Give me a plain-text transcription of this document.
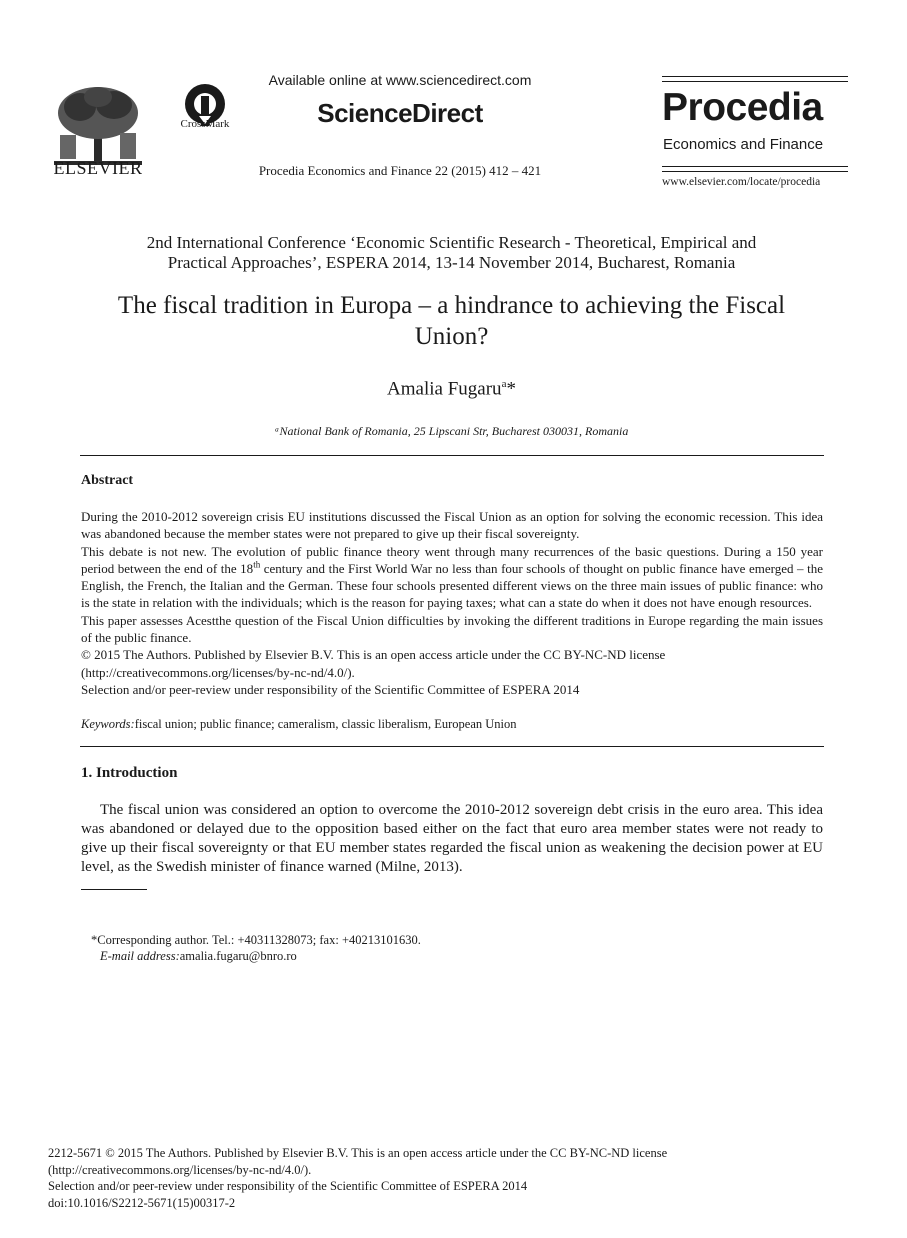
ELSEVIER
CrossMark
Available online at www.sciencedirect.com
ScienceDirect
Procedia Economics and Finance 22 (2015) 412 – 421
Procedia
Economics and Finance
www.elsevier.com/locate/procedia
2nd International Conference ‘Economic Scientific Research - Theoretical, Empirical and
Practical Approaches’, ESPERA 2014, 13-14 November 2014, Bucharest, Romania
The fiscal tradition in Europa – a hindrance to achieving the Fiscal
Union?
Amalia Fugaru$^a$*
ᵃNational Bank of Romania, 25 Lipscani Str, Bucharest 030031, Romania
Abstract

During the 2010-2012 sovereign crisis EU institutions discussed the Fiscal Union as an option for solving the economic recession. This idea was abandoned because the member states were not prepared to give up their fiscal sovereignty.

This debate is not new. The evolution of public finance theory went through many recurrences of the basic questions. During a 150 year period between the end of the 18th century and the First World War no less than four schools of thought on public finance have emerged – the English, the French, the Italian and the German. These four schools presented different views on the three main issues of public finance: who is the state in relation with the individuals; which is the reason for paying taxes; what can a state do when it does not have enough resources.

This paper assesses Acestthe question of the Fiscal Union difficulties by invoking the different traditions in Europe regarding the main issues of the public finance.

© 2015 The Authors. Published by Elsevier B.V. This is an open access article under the CC BY-NC-ND license

(http://creativecommons.org/licenses/by-nc-nd/4.0/).

Selection and/or peer-review under responsibility of the Scientific Committee of ESPERA 2014

Keywords:fiscal union; public finance; cameralism, classic liberalism, European Union
1. Introduction

The fiscal union was considered an option to overcome the 2010-2012 sovereign debt crisis in the euro area. This idea was abandoned or delayed due to the opposition based either on the fact that euro area member states were not ready to give up their fiscal sovereignty or that EU member states regarded the fiscal union as weakening the decision power at EU level, as the Swedish minister of finance warned (Milne, 2013).

*Corresponding author. Tel.: +40311328073; fax: +40213101630.
E-mail address:amalia.fugaru@bnro.ro
2212-5671 © 2015 The Authors. Published by Elsevier B.V. This is an open access article under the CC BY-NC-ND license
(http://creativecommons.org/licenses/by-nc-nd/4.0/).
Selection and/or peer-review under responsibility of the Scientific Committee of ESPERA 2014
doi:10.1016/S2212-5671(15)00317-2
